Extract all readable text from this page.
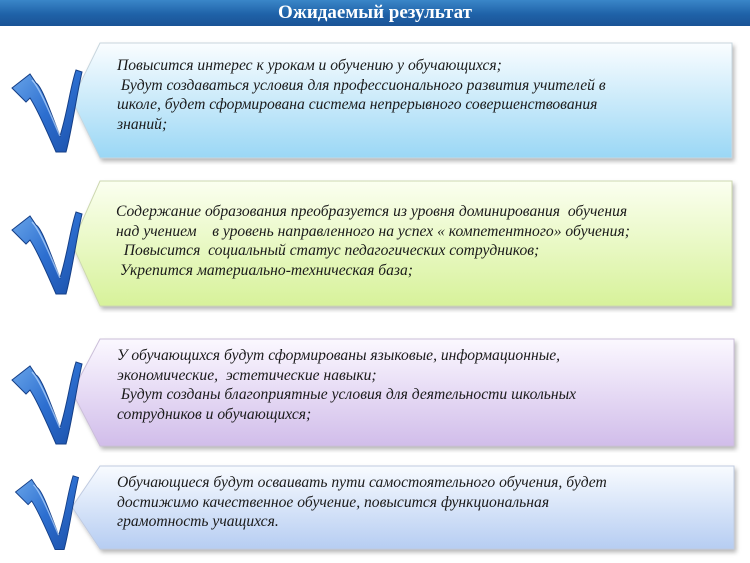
Ожидаемый результат
Повысится интерес к урокам и обучению у обучающихся;
Будут создаваться условия для профессионального развития учителей в
школе, будет сформирована система непрерывного совершенствования
знаний;
Содержание образования преобразуется из уровня доминирования  обучения
над учением    в уровень направленного на успех « компетентного» обучения;
Повысится  социальный статус педагогических сотрудников;
Укрепится материально-техническая база;
У обучающихся будут сформированы языковые, информационные,
экономические,  эстетические навыки;
Будут созданы благоприятные условия для деятельности школьных
сотрудников и обучающихся;
Обучающиеся будут осваивать пути самостоятельного обучения, будет
достижимо качественное обучение, повысится функциональная
грамотность учащихся.
